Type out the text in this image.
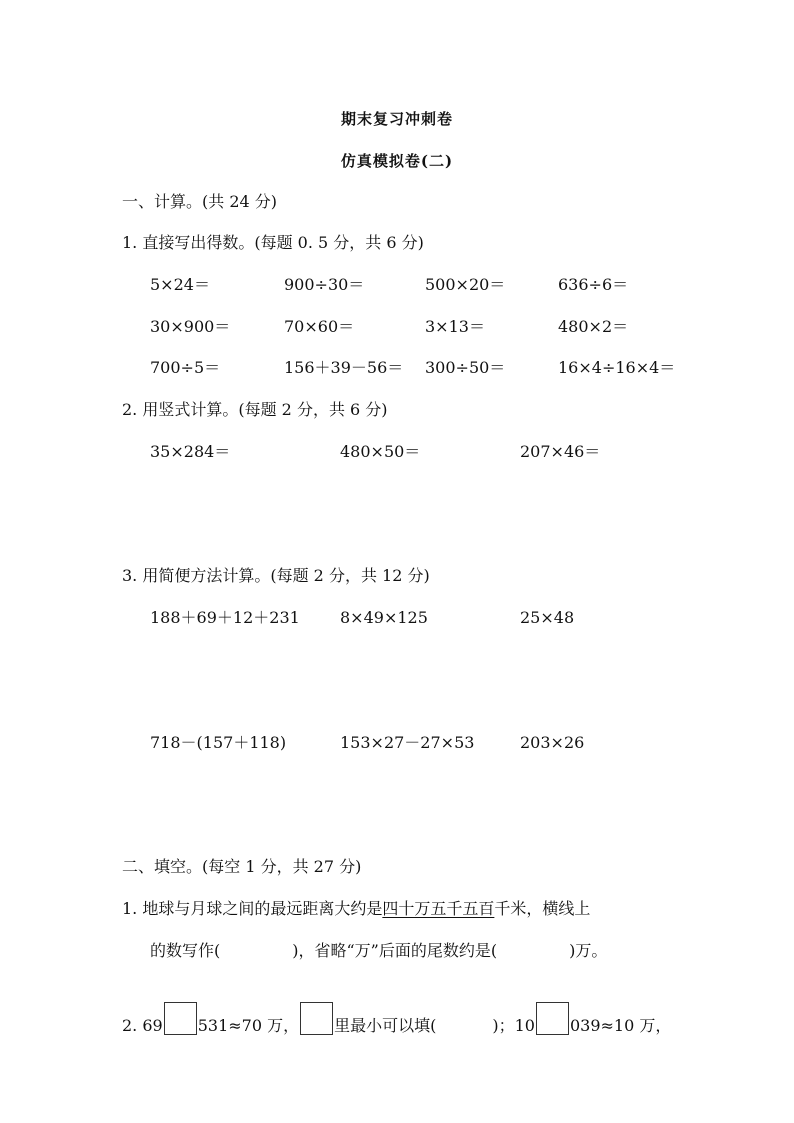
期末复习冲刺卷
仿真模拟卷(二)
一、计算。(共 24 分)
1. 直接写出得数。(每题 0. 5 分，共 6 分)
5×24＝	900÷30＝	500×20＝	636÷6＝
30×900＝	70×60＝	3×13＝	480×2＝
700÷5＝	156＋39－56＝ 300÷50＝	16×4÷16×4＝
2. 用竖式计算。(每题 2 分，共 6 分)
35×284＝	480×50＝	207×46＝
3. 用简便方法计算。(每题 2 分，共 12 分)
188＋69＋12＋231	8×49×125	25×48
718－(157＋118)	153×27－27×53	203×26
二、填空。(每空 1 分，共 27 分)
1. 地球与月球之间的最远距离大约是四十万五千五百千米，横线上
的数写作(	)，省略“万”后面的尾数约是(	)万。
2. 69 531≈70 万， 里最小可以填(	)；10 039≈10 万，
